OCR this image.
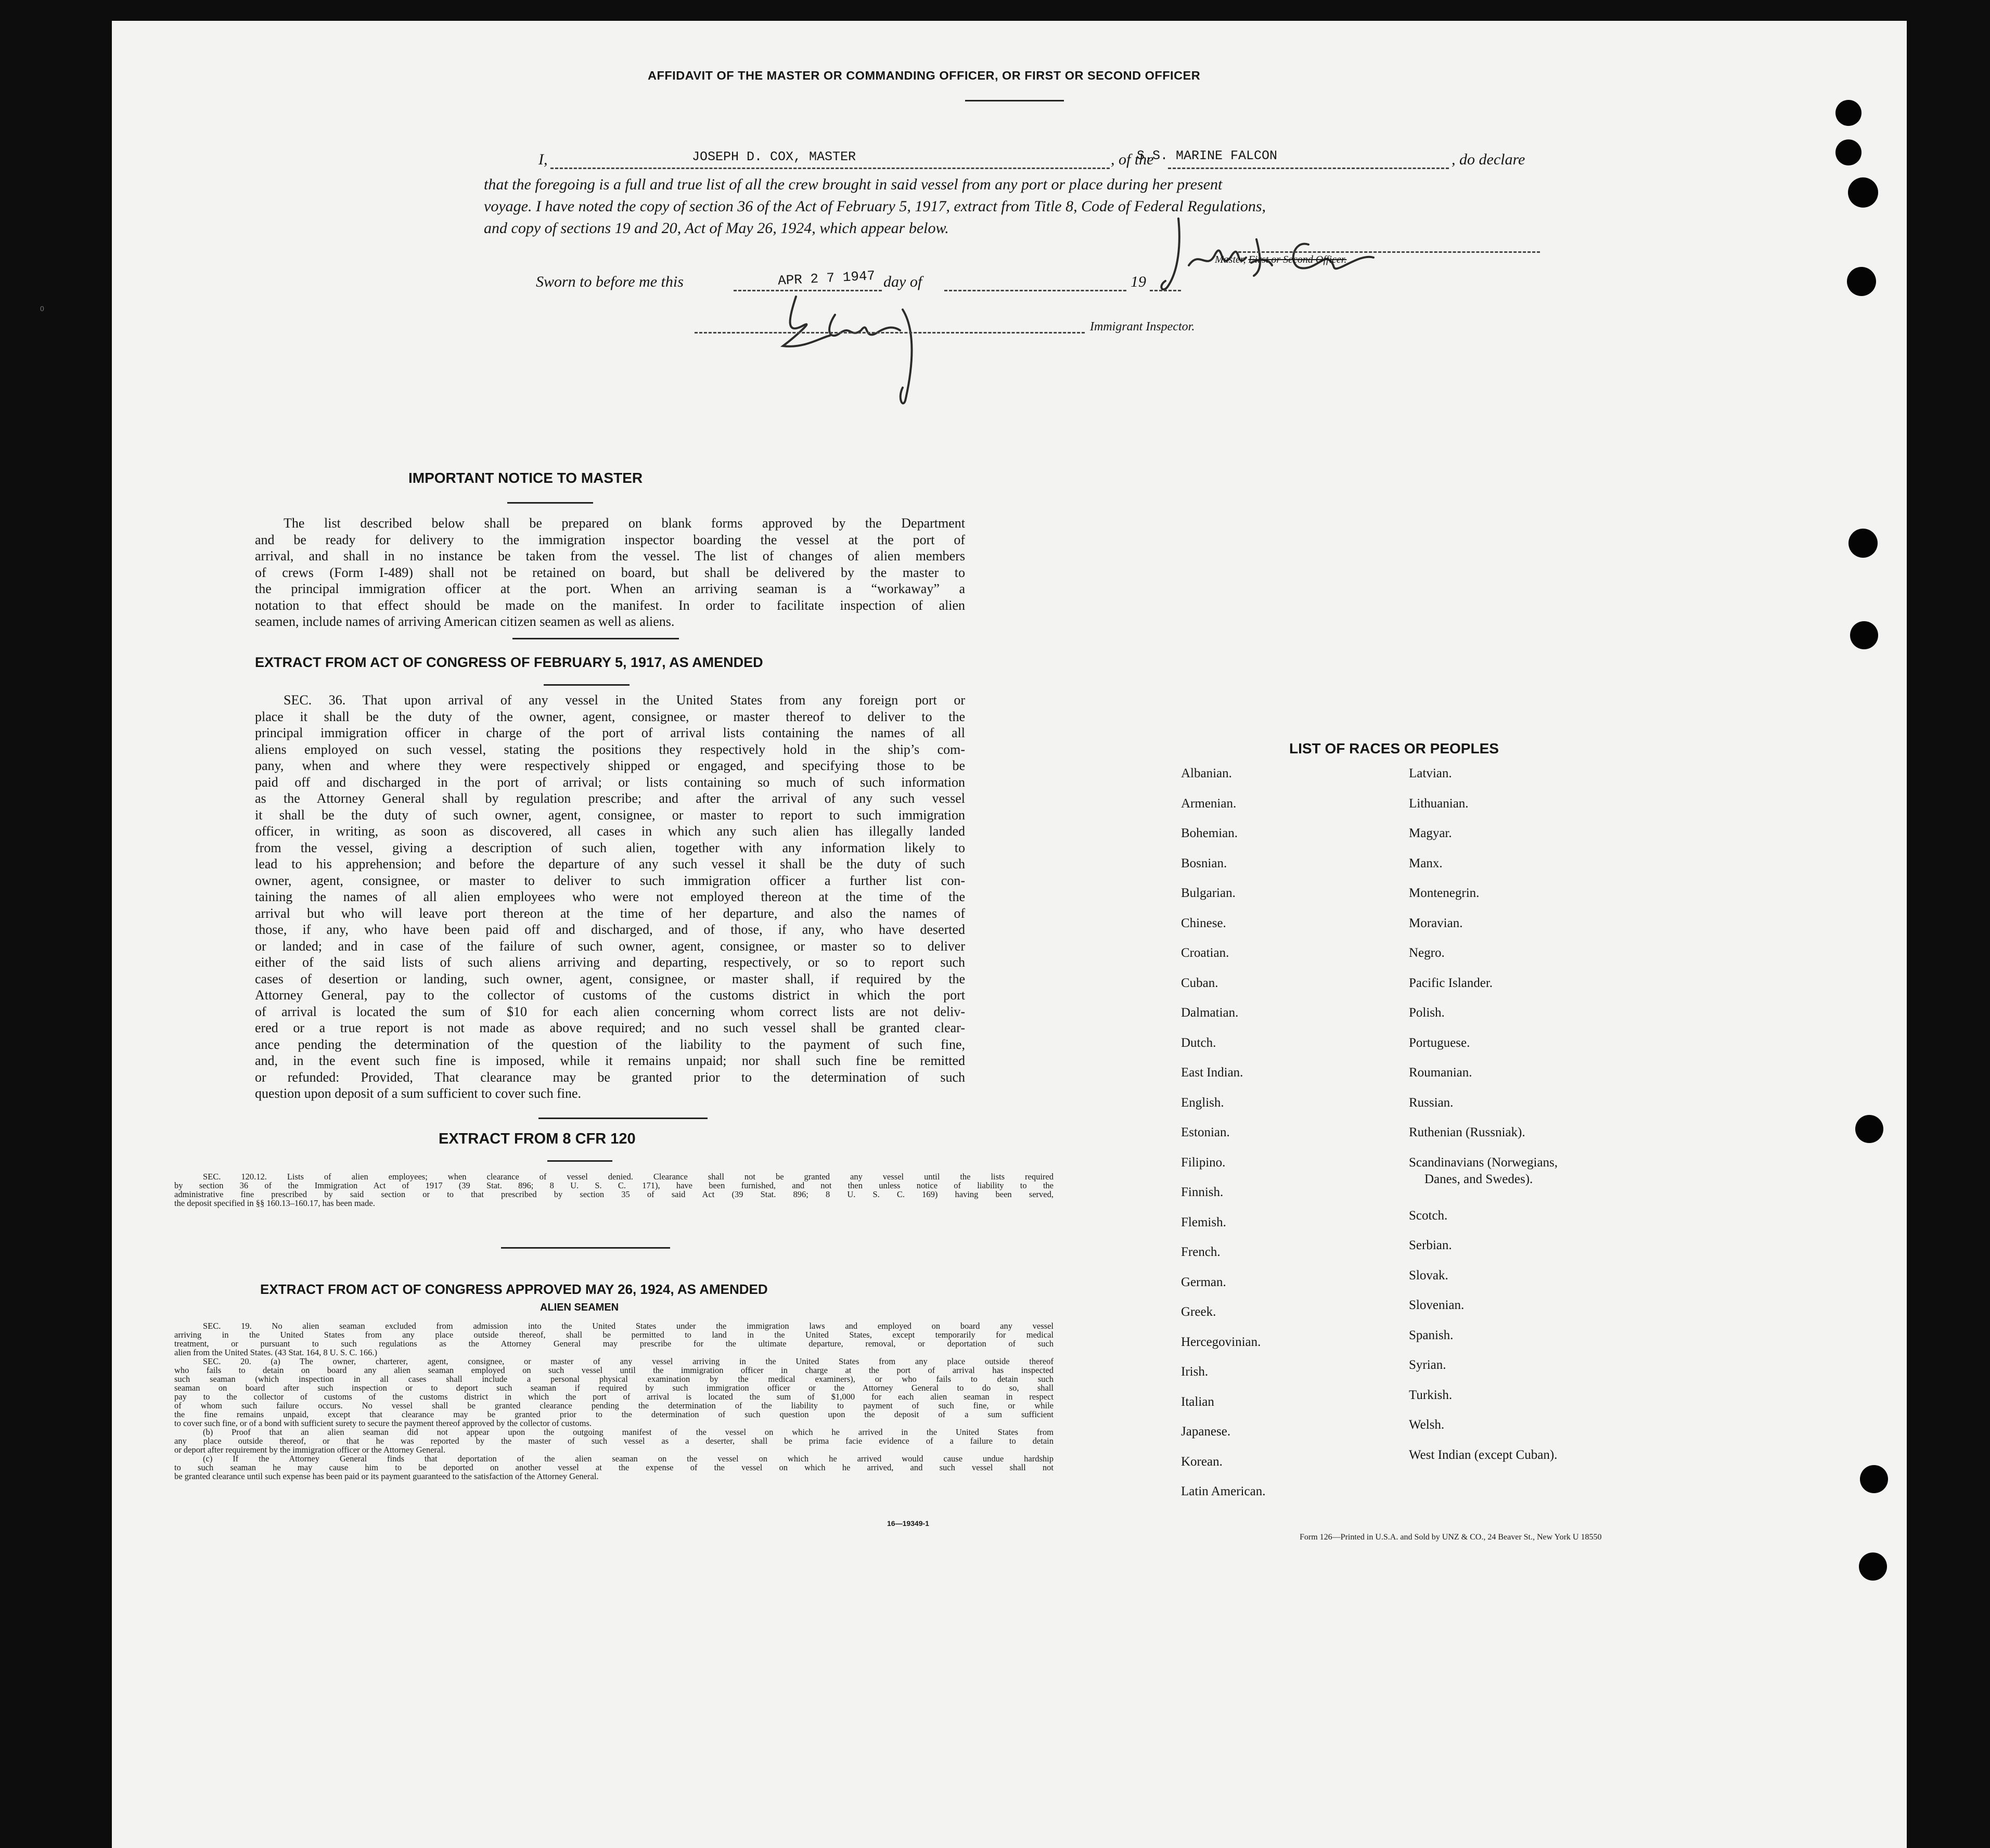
AFFIDAVIT OF THE MASTER OR COMMANDING OFFICER, OR FIRST OR SECOND OFFICER
I,	JOSEPH D. COX, MASTER	, of the
S.S. MARINE FALCON	, do declare
that the foregoing is a full and true list of all the crew brought in said vessel from any port or place during her present
voyage. I have noted the copy of section 36 of the Act of February 5, 1917, extract from Title 8, Code of Federal Regulations,
and copy of sections 19 and 20, Act of May 26, 1924, which appear below.
Master, First or Second Officer.
Sworn to before me this	APR 2 7 1947 day of	19
Immigrant Inspector.
IMPORTANT NOTICE TO MASTER
The list described below shall be prepared on blank forms approved by the Department
and be ready for delivery to the immigration inspector boarding the vessel at the port of
arrival, and shall in no instance be taken from the vessel. The list of changes of alien members
of crews (Form I-489) shall not be retained on board, but shall be delivered by the master to
the principal immigration officer at the port. When an arriving seaman is a “workaway” a
notation to that effect should be made on the manifest. In order to facilitate inspection of alien
seamen, include names of arriving American citizen seamen as well as aliens.
EXTRACT FROM ACT OF CONGRESS OF FEBRUARY 5, 1917, AS AMENDED
SEC. 36. That upon arrival of any vessel in the United States from any foreign port or
place it shall be the duty of the owner, agent, consignee, or master thereof to deliver to the
principal immigration officer in charge of the port of arrival lists containing the names of all
aliens employed on such vessel, stating the positions they respectively hold in the ship’s com-
pany, when and where they were respectively shipped or engaged, and specifying those to be
paid off and discharged in the port of arrival; or lists containing so much of such information
as the Attorney General shall by regulation prescribe; and after the arrival of any such vessel
it shall be the duty of such owner, agent, consignee, or master to report to such immigration
officer, in writing, as soon as discovered, all cases in which any such alien has illegally landed
from the vessel, giving a description of such alien, together with any information likely to
lead to his apprehension; and before the departure of any such vessel it shall be the duty of such
owner, agent, consignee, or master to deliver to such immigration officer a further list con-
taining the names of all alien employees who were not employed thereon at the time of the
arrival but who will leave port thereon at the time of her departure, and also the names of
those, if any, who have been paid off and discharged, and of those, if any, who have deserted
or landed; and in case of the failure of such owner, agent, consignee, or master so to deliver
either of the said lists of such aliens arriving and departing, respectively, or so to report such
cases of desertion or landing, such owner, agent, consignee, or master shall, if required by the
Attorney General, pay to the collector of customs of the customs district in which the port
of arrival is located the sum of $10 for each alien concerning whom correct lists are not deliv-
ered or a true report is not made as above required; and no such vessel shall be granted clear-
ance pending the determination of the question of the liability to the payment of such fine,
and, in the event such fine is imposed, while it remains unpaid; nor shall such fine be remitted
or refunded: Provided, That clearance may be granted prior to the determination of such
question upon deposit of a sum sufficient to cover such fine.
EXTRACT FROM 8 CFR 120
SEC. 120.12. Lists of alien employees; when clearance of vessel denied. Clearance shall not be granted any vessel until the lists required
by section 36 of the Immigration Act of 1917 (39 Stat. 896; 8 U. S. C. 171), have been furnished, and not then unless notice of liability to the
administrative fine prescribed by said section or to that prescribed by section 35 of said Act (39 Stat. 896; 8 U. S. C. 169) having been served,
the deposit specified in §§ 160.13–160.17, has been made.
EXTRACT FROM ACT OF CONGRESS APPROVED MAY 26, 1924, AS AMENDED
ALIEN SEAMEN
SEC. 19. No alien seaman excluded from admission into the United States under the immigration laws and employed on board any vessel
arriving in the United States from any place outside thereof, shall be permitted to land in the United States, except temporarily for medical
treatment, or pursuant to such regulations as the Attorney General may prescribe for the ultimate departure, removal, or deportation of such
alien from the United States. (43 Stat. 164, 8 U. S. C. 166.)
SEC. 20. (a) The owner, charterer, agent, consignee, or master of any vessel arriving in the United States from any place outside thereof
who fails to detain on board any alien seaman employed on such vessel until the immigration officer in charge at the port of arrival has inspected
such seaman (which inspection in all cases shall include a personal physical examination by the medical examiners), or who fails to detain such
seaman on board after such inspection or to deport such seaman if required by such immigration officer or the Attorney General to do so, shall
pay to the collector of customs of the customs district in which the port of arrival is located the sum of $1,000 for each alien seaman in respect
of whom such failure occurs. No vessel shall be granted clearance pending the determination of the liability to payment of such fine, or while
the fine remains unpaid, except that clearance may be granted prior to the determination of such question upon the deposit of a sum sufficient
to cover such fine, or of a bond with sufficient surety to secure the payment thereof approved by the collector of customs.
(b) Proof that an alien seaman did not appear upon the outgoing manifest of the vessel on which he arrived in the United States from
any place outside thereof, or that he was reported by the master of such vessel as a deserter, shall be prima facie evidence of a failure to detain
or deport after requirement by the immigration officer or the Attorney General.
(c) If the Attorney General finds that deportation of the alien seaman on the vessel on which he arrived would cause undue hardship
to such seaman he may cause him to be deported on another vessel at the expense of the vessel on which he arrived, and such vessel shall not
be granted clearance until such expense has been paid or its payment guaranteed to the satisfaction of the Attorney General.
16—19349-1
LIST OF RACES OR PEOPLES
Albanian.
Armenian.
Bohemian.
Bosnian.
Bulgarian.
Chinese.
Croatian.
Cuban.
Dalmatian.
Dutch.
East Indian.
English.
Estonian.
Filipino.
Finnish.
Flemish.
French.
German.
Greek.
Hercegovinian.
Irish.
Italian
Japanese.
Korean.
Latin American.
Latvian.
Lithuanian.
Magyar.
Manx.
Montenegrin.
Moravian.
Negro.
Pacific Islander.
Polish.
Portuguese.
Roumanian.
Russian.
Ruthenian (Russniak).
Scandinavians (Norwegians,
Danes, and Swedes).
Scotch.
Serbian.
Slovak.
Slovenian.
Spanish.
Syrian.
Turkish.
Welsh.
West Indian (except Cuban).
Form 126—Printed in U.S.A. and Sold by UNZ & CO., 24 Beaver St., New York U 18550
0
